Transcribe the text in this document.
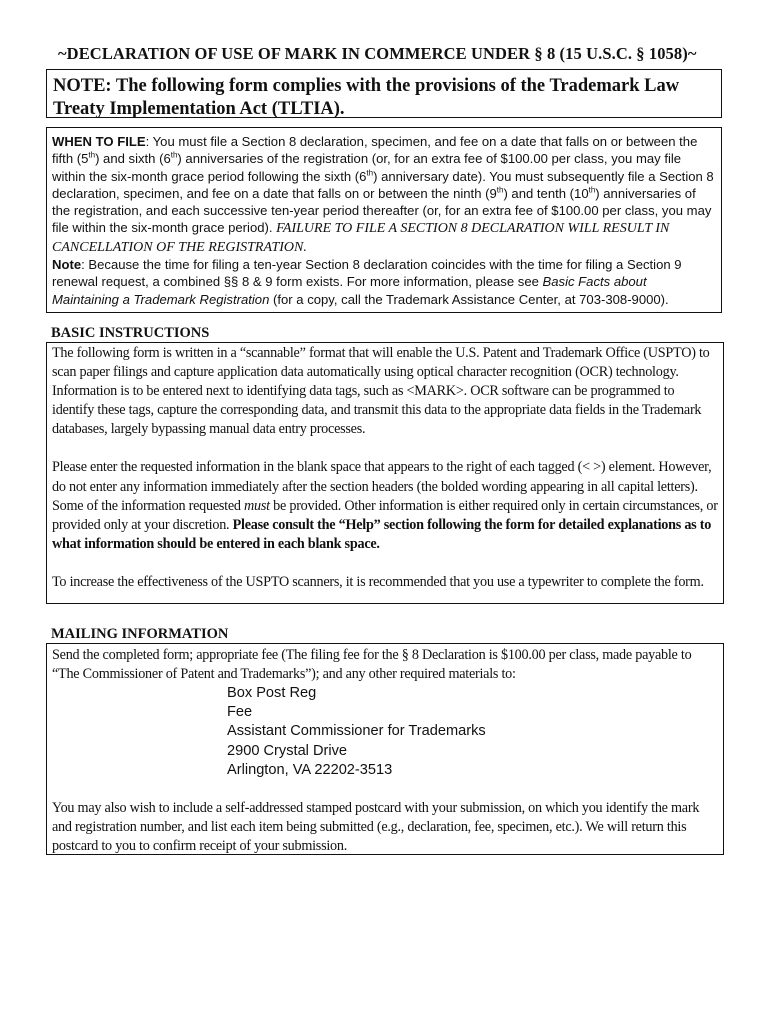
~DECLARATION OF USE OF MARK IN COMMERCE UNDER § 8 (15 U.S.C. § 1058)~
NOTE: The following form complies with the provisions of the Trademark Law Treaty Implementation Act (TLTIA).
WHEN TO FILE: You must file a Section 8 declaration, specimen, and fee on a date that falls on or between the fifth (5th) and sixth (6th) anniversaries of the registration (or, for an extra fee of $100.00 per class, you may file within the six-month grace period following the sixth (6th) anniversary date). You must subsequently file a Section 8 declaration, specimen, and fee on a date that falls on or between the ninth (9th) and tenth (10th) anniversaries of the registration, and each successive ten-year period thereafter (or, for an extra fee of $100.00 per class, you may file within the six-month grace period). FAILURE TO FILE A SECTION 8 DECLARATION WILL RESULT IN CANCELLATION OF THE REGISTRATION.
Note: Because the time for filing a ten-year Section 8 declaration coincides with the time for filing a Section 9 renewal request, a combined §§ 8 & 9 form exists. For more information, please see Basic Facts about Maintaining a Trademark Registration (for a copy, call the Trademark Assistance Center, at 703-308-9000).
BASIC INSTRUCTIONS

The following form is written in a “scannable” format that will enable the U.S. Patent and Trademark Office (USPTO) to scan paper filings and capture application data automatically using optical character recognition (OCR) technology. Information is to be entered next to identifying data tags, such as <MARK>. OCR software can be programmed to identify these tags, capture the corresponding data, and transmit this data to the appropriate data fields in the Trademark databases, largely bypassing manual data entry processes.

Please enter the requested information in the blank space that appears to the right of each tagged (< >) element. However, do not enter any information immediately after the section headers (the bolded wording appearing in all capital letters). Some of the information requested must be provided. Other information is either required only in certain circumstances, or provided only at your discretion. Please consult the “Help” section following the form for detailed explanations as to what information should be entered in each blank space.

To increase the effectiveness of the USPTO scanners, it is recommended that you use a typewriter to complete the form.

MAILING INFORMATION
Send the completed form; appropriate fee (The filing fee for the § 8 Declaration is $100.00 per class, made payable to “The Commissioner of Patent and Trademarks”); and any other required materials to:
Box Post Reg
Fee
Assistant Commissioner for Trademarks
2900 Crystal Drive
Arlington, VA 22202-3513
You may also wish to include a self-addressed stamped postcard with your submission, on which you identify the mark and registration number, and list each item being submitted (e.g., declaration, fee, specimen, etc.). We will return this postcard to you to confirm receipt of your submission.
